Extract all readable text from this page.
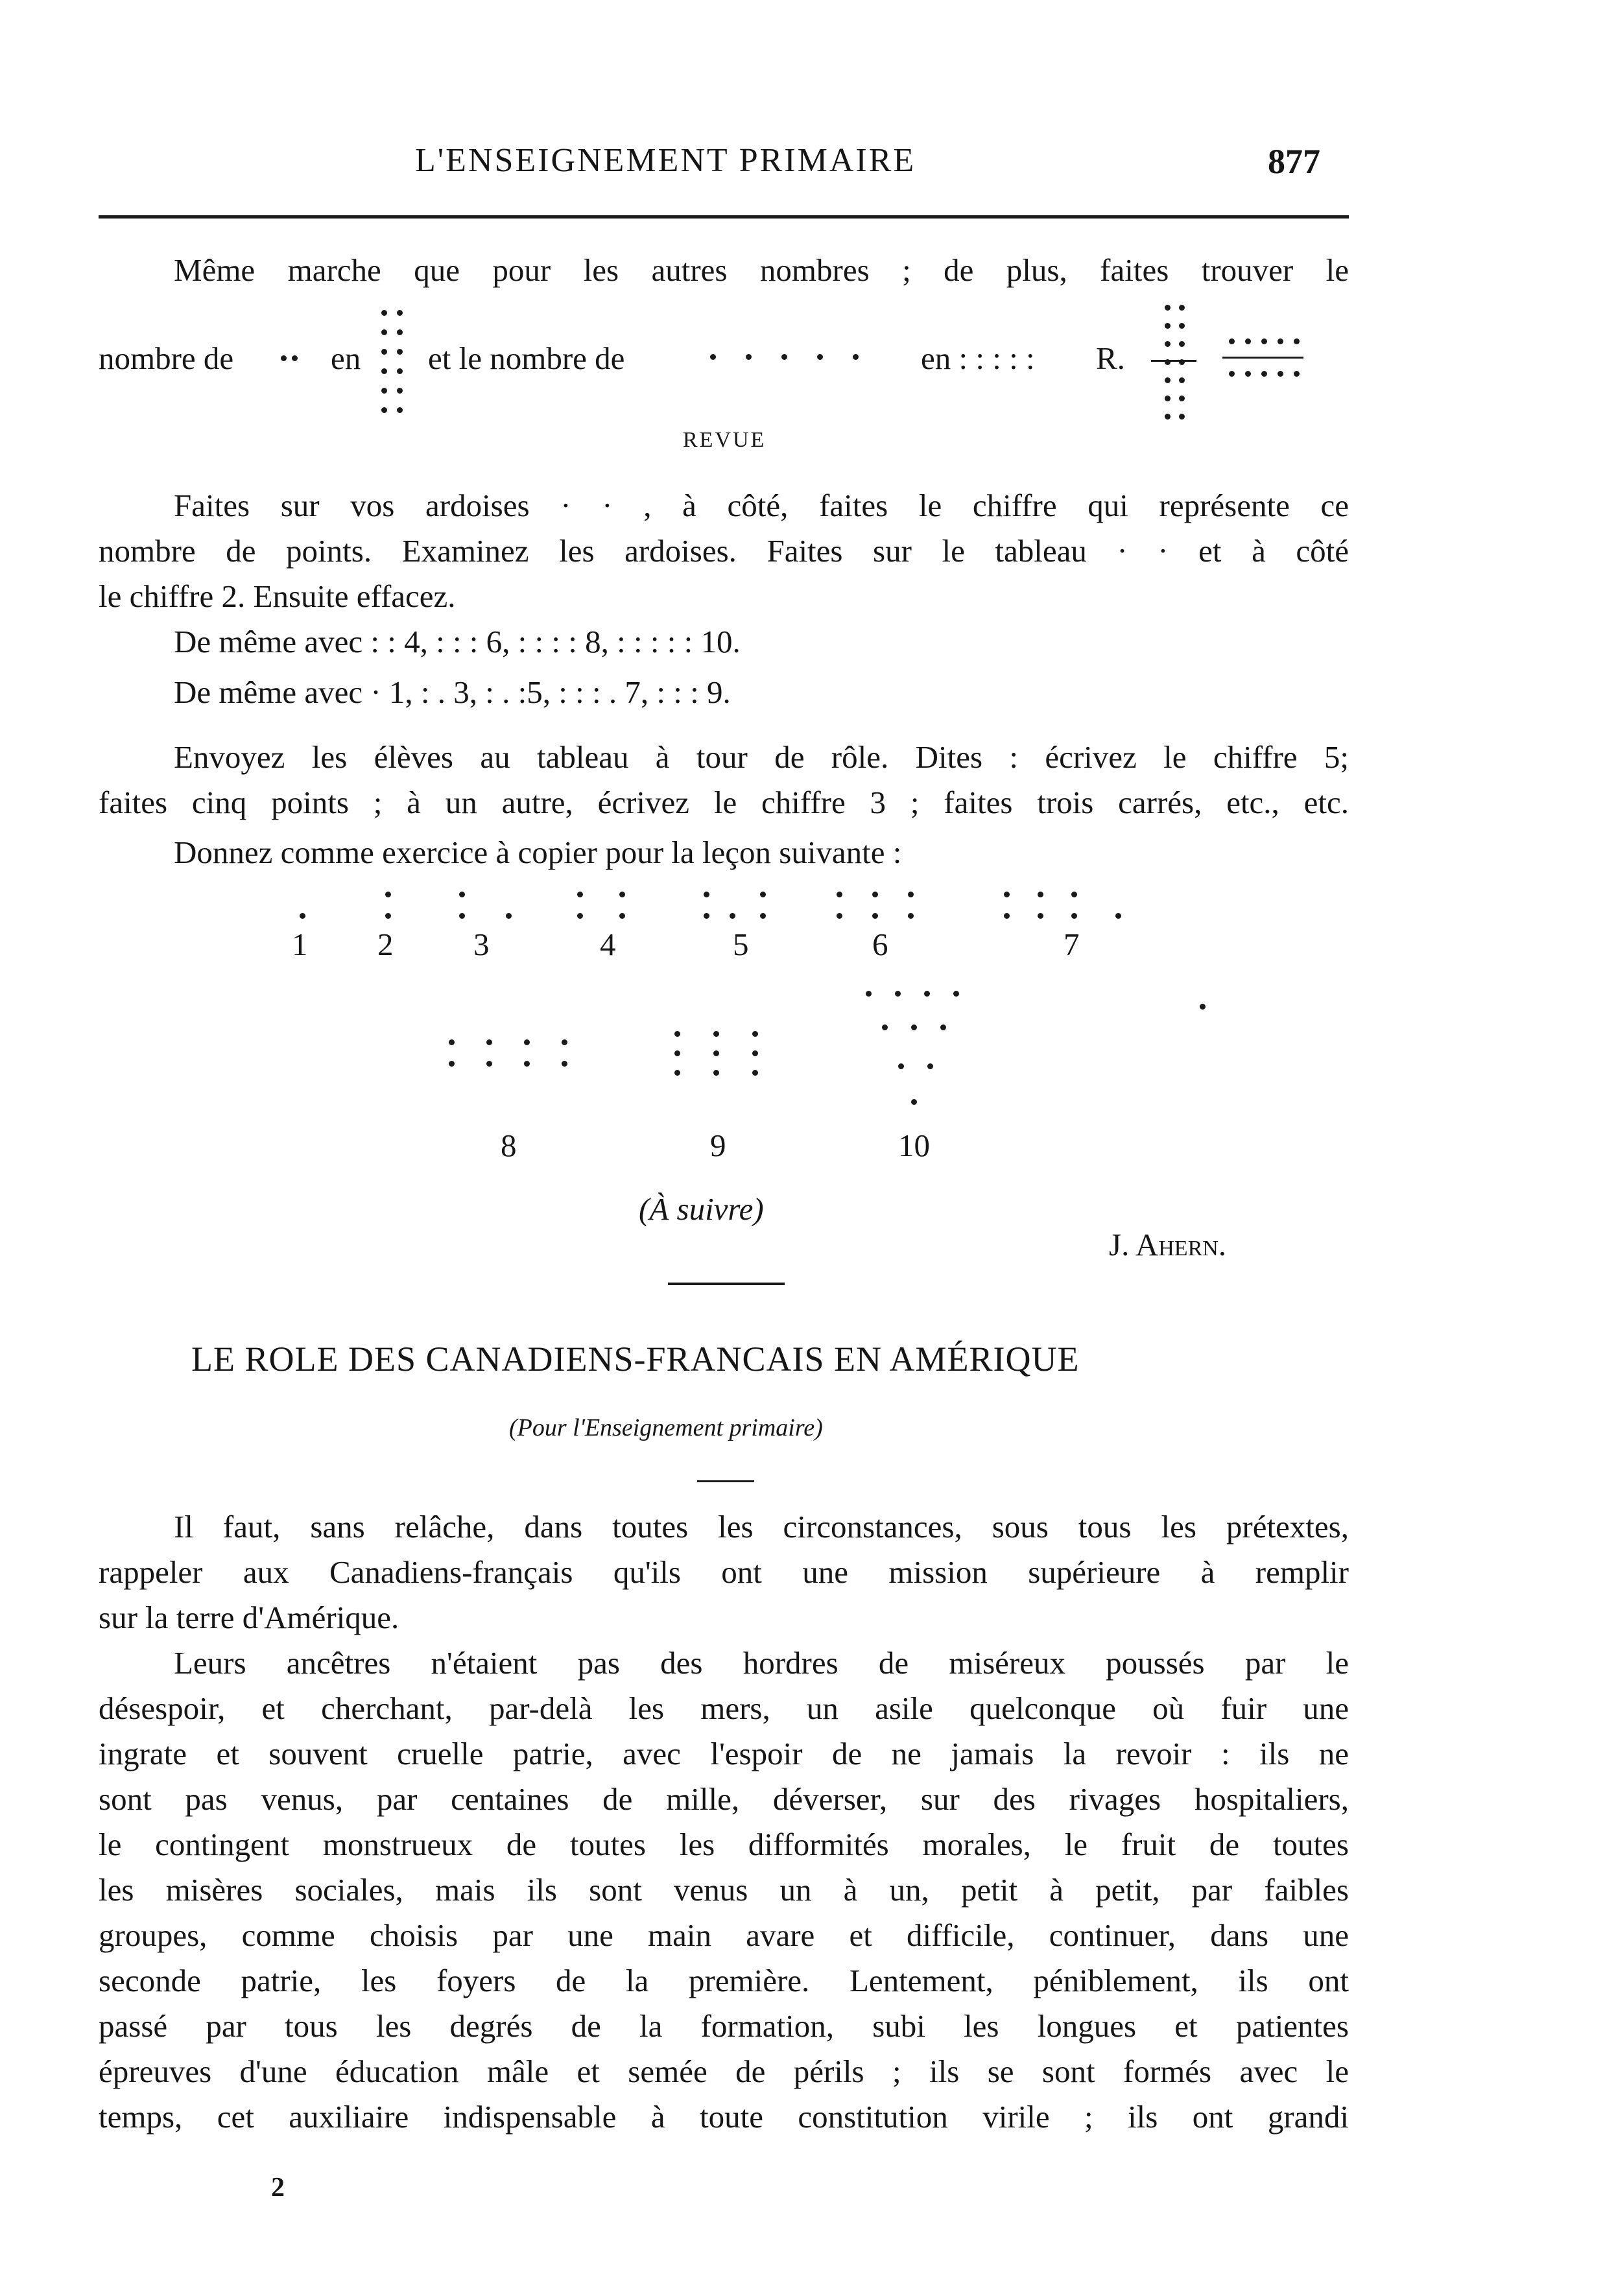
L'ENSEIGNEMENT PRIMAIRE	877
Même marche que pour les autres nombres ; de plus, faites trouver le
nombre de	en et le nombre de	en : : : : : R.
REVUE
Faites sur vos ardoises · · , à côté, faites le chiffre qui représente ce
nombre de points. Examinez les ardoises. Faites sur le tableau · · et à côté
le chiffre 2. Ensuite effacez.
De même avec : : 4, : : : 6, : : : : 8, : : : : : 10.
De même avec · 1, : . 3, : . :5, : : : . 7, : : : 9.
Envoyez les élèves au tableau à tour de rôle. Dites : écrivez le chiffre 5;
faites cinq points ; à un autre, écrivez le chiffre 3 ; faites trois carrés, etc., etc.
Donnez comme exercice à copier pour la leçon suivante :
1 2	3	4	5	6	7
8	9	10
(À suivre)
J. Ahern.
LE ROLE DES CANADIENS-FRANCAIS EN AMÉRIQUE
(Pour l'Enseignement primaire)
Il faut, sans relâche, dans toutes les circonstances, sous tous les prétextes,
rappeler aux Canadiens-français qu'ils ont une mission supérieure à remplir
sur la terre d'Amérique.
Leurs ancêtres n'étaient pas des hordres de miséreux poussés par le
désespoir, et cherchant, par-delà les mers, un asile quelconque où fuir une
ingrate et souvent cruelle patrie, avec l'espoir de ne jamais la revoir : ils ne
sont pas venus, par centaines de mille, déverser, sur des rivages hospitaliers,
le contingent monstrueux de toutes les difformités morales, le fruit de toutes
les misères sociales, mais ils sont venus un à un, petit à petit, par faibles
groupes, comme choisis par une main avare et difficile, continuer, dans une
seconde patrie, les foyers de la première. Lentement, péniblement, ils ont
passé par tous les degrés de la formation, subi les longues et patientes
épreuves d'une éducation mâle et semée de périls ; ils se sont formés avec le
temps, cet auxiliaire indispensable à toute constitution virile ; ils ont grandi
2
